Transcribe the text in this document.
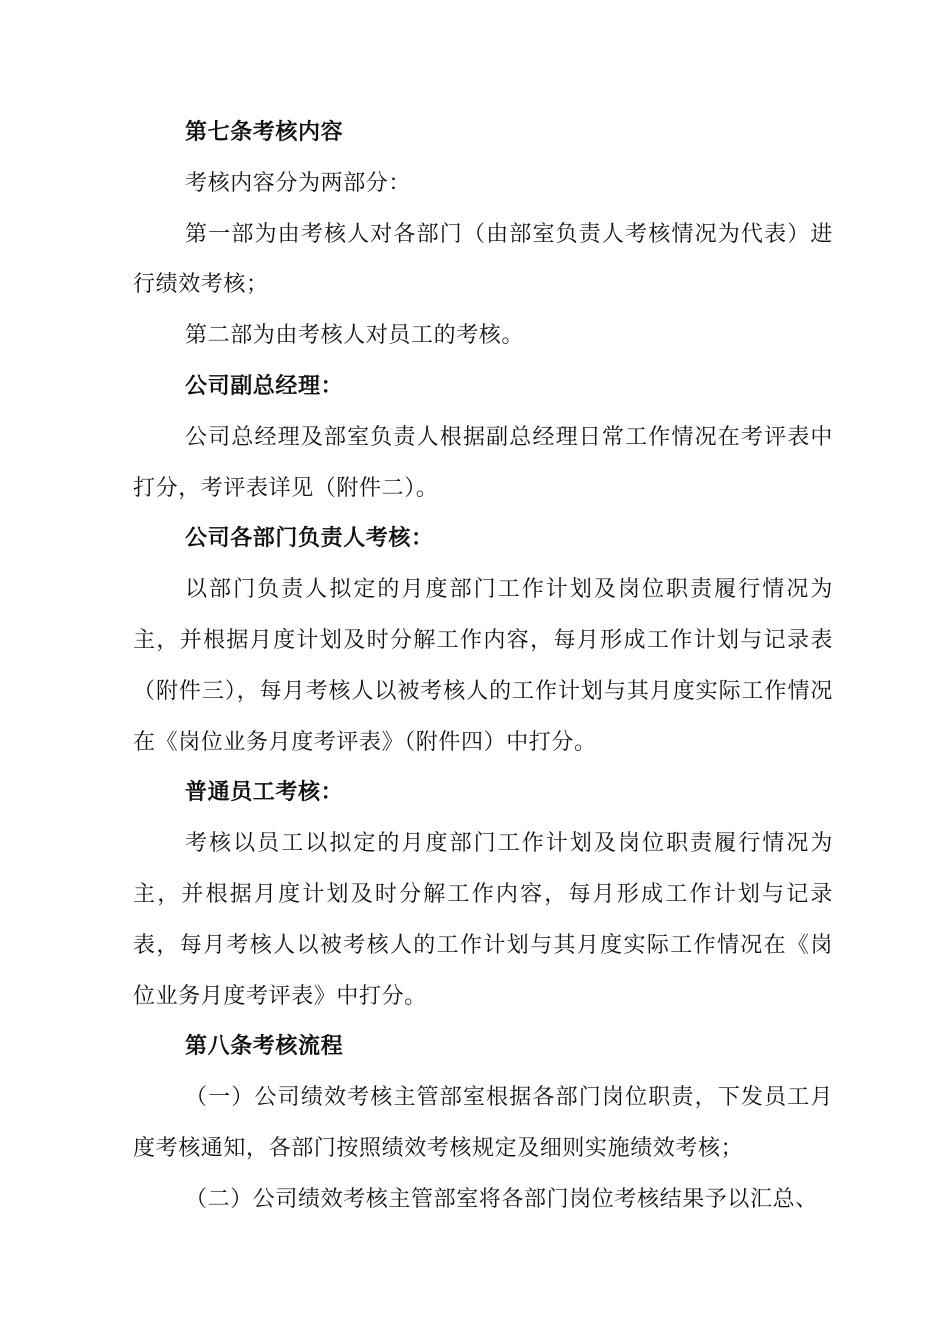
第七条考核内容

考核内容分为两部分：

第一部为由考核人对各部门（由部室负责人考核情况为代表）进行绩效考核；

第二部为由考核人对员工的考核。

公司副总经理：

公司总经理及部室负责人根据副总经理日常工作情况在考评表中打分，考评表详见（附件二）。

公司各部门负责人考核：

以部门负责人拟定的月度部门工作计划及岗位职责履行情况为主，并根据月度计划及时分解工作内容，每月形成工作计划与记录表（附件三），每月考核人以被考核人的工作计划与其月度实际工作情况在《岗位业务月度考评表》（附件四）中打分。

普通员工考核：

考核以员工以拟定的月度部门工作计划及岗位职责履行情况为主，并根据月度计划及时分解工作内容，每月形成工作计划与记录表，每月考核人以被考核人的工作计划与其月度实际工作情况在《岗位业务月度考评表》中打分。

第八条考核流程

（一）公司绩效考核主管部室根据各部门岗位职责，下发员工月度考核通知，各部门按照绩效考核规定及细则实施绩效考核；

（二）公司绩效考核主管部室将各部门岗位考核结果予以汇总、
